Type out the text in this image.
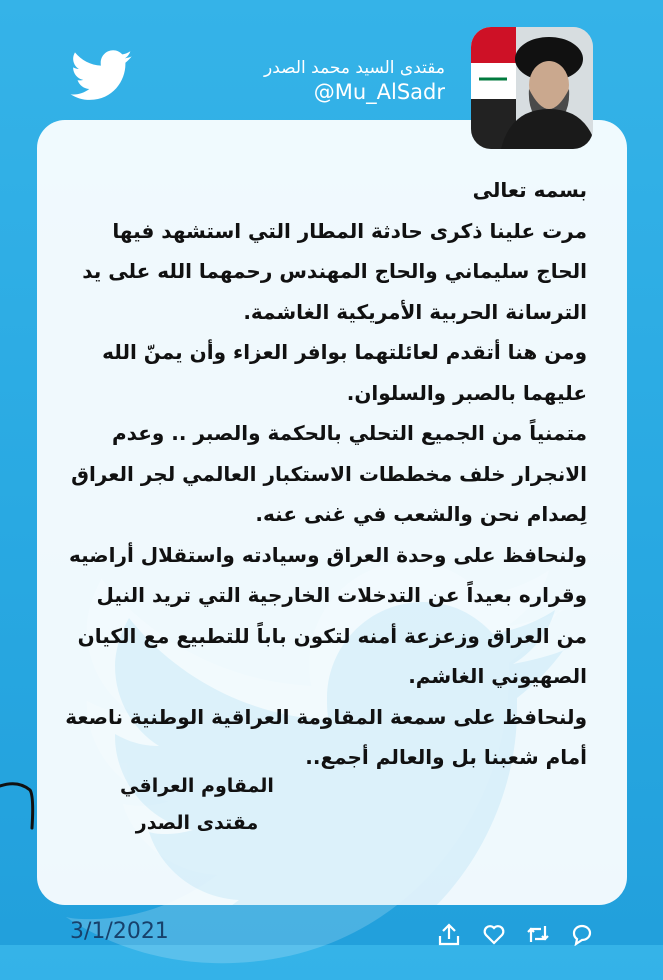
مقتدى السيد محمد الصدر
@Mu_AlSadr

بسمه تعالى

مرت علينا ذكرى حادثة المطار التي استشهد فيها الحاج سليماني والحاج المهندس رحمهما الله على يد الترسانة الحربية الأمريكية الغاشمة.

ومن هنا أتقدم لعائلتهما بوافر العزاء وأن يمنّ الله عليهما بالصبر والسلوان.

متمنياً من الجميع التحلي بالحكمة والصبر .. وعدم الانجرار خلف مخططات الاستكبار العالمي لجر العراق لِصدام نحن والشعب في غنى عنه.

ولنحافظ على وحدة العراق وسيادته واستقلال أراضيه وقراره بعيداً عن التدخلات الخارجية التي تريد النيل من العراق وزعزعة أمنه لتكون باباً للتطبيع مع الكيان الصهيوني الغاشم.

ولنحافظ على سمعة المقاومة العراقية الوطنية ناصعة أمام شعبنا بل والعالم أجمع..

المقاوم العراقي
مقتدى الصدر
3/1/2021
